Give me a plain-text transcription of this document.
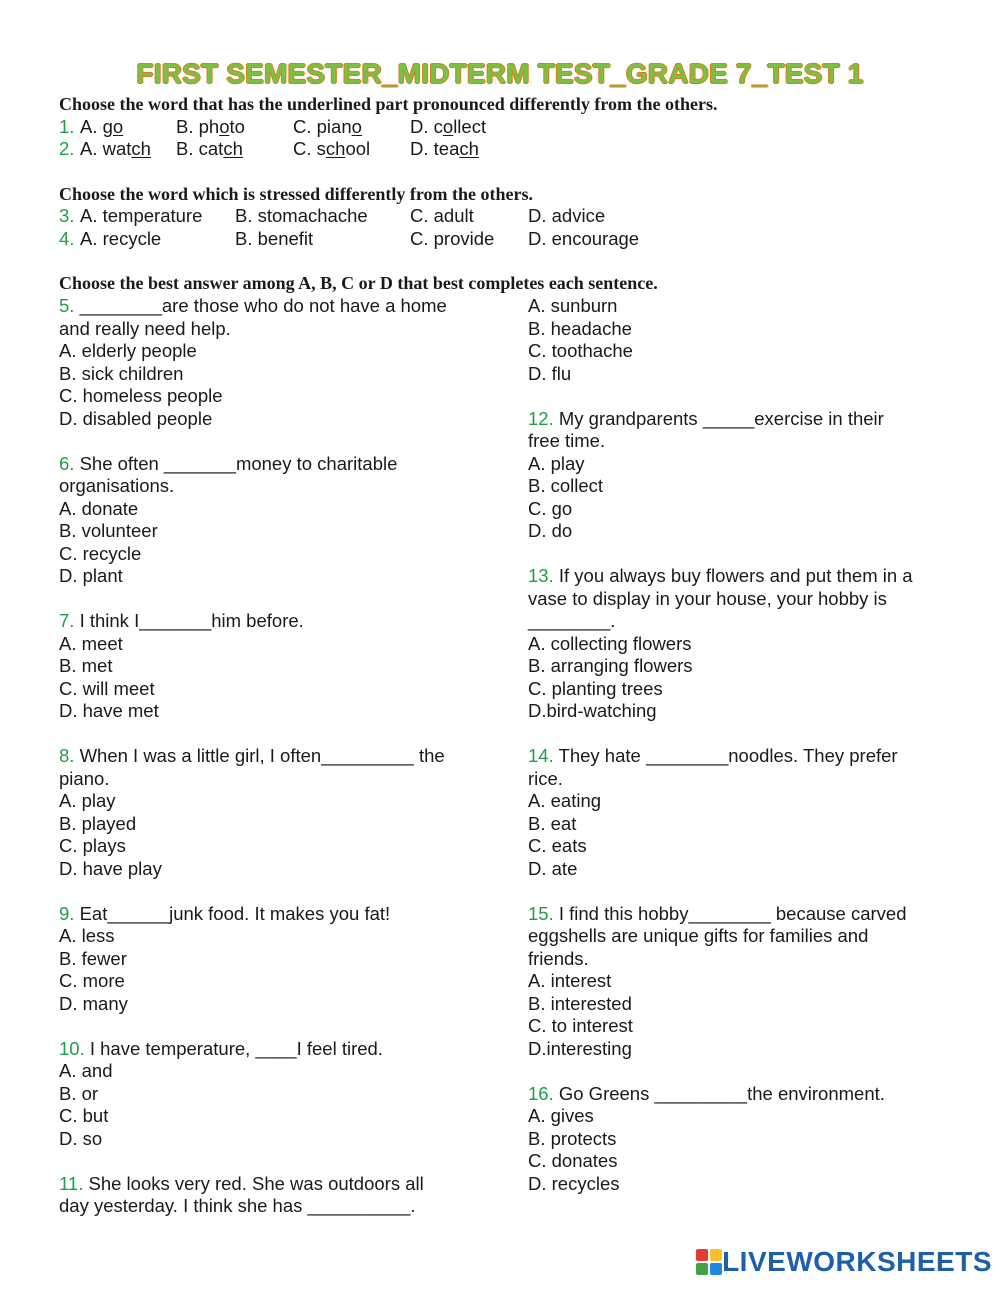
FIRST SEMESTER_MIDTERM TEST_GRADE 7_TEST 1
Choose the word that has the underlined part pronounced differently from the others.
1. A. go	B. photo	C. piano	D. collect
2. A. watch B. catch	C. school D. teach
Choose the word which is stressed differently from the others.
3. A. temperature B. stomachache C. adult	D. advice
4. A. recycle	B. benefit	C. provide D. encourage
Choose the best answer among A, B, C or D that best completes each sentence.
5. ________are those who do not have a home
and really need help.
A. elderly people
B. sick children
C. homeless people
D. disabled people
6. She often _______money to charitable
organisations.
A. donate
B. volunteer
C. recycle
D. plant
7. I think I_______him before.
A. meet
B. met
C. will meet
D. have met
8. When I was a little girl, I often_________ the
piano.
A. play
B. played
C. plays
D. have play
9. Eat______junk food. It makes you fat!
A. less
B. fewer
C. more
D. many
10. I have temperature, ____I feel tired.
A. and
B. or
C. but
D. so
11. She looks very red. She was outdoors all
day yesterday. I think she has __________.
A. sunburn
B. headache
C. toothache
D. flu
12. My grandparents _____exercise in their
free time.
A. play
B. collect
C. go
D. do
13. If you always buy flowers and put them in a
vase to display in your house, your hobby is
________.
A. collecting flowers
B. arranging flowers
C. planting trees
D.bird-watching
14. They hate ________noodles. They prefer
rice.
A. eating
B. eat
C. eats
D. ate
15. I find this hobby________ because carved
eggshells are unique gifts for families and
friends.
A. interest
B. interested
C. to interest
D.interesting
16. Go Greens _________the environment.
A. gives
B. protects
C. donates
D. recycles
LIVEWORKSHEETS
